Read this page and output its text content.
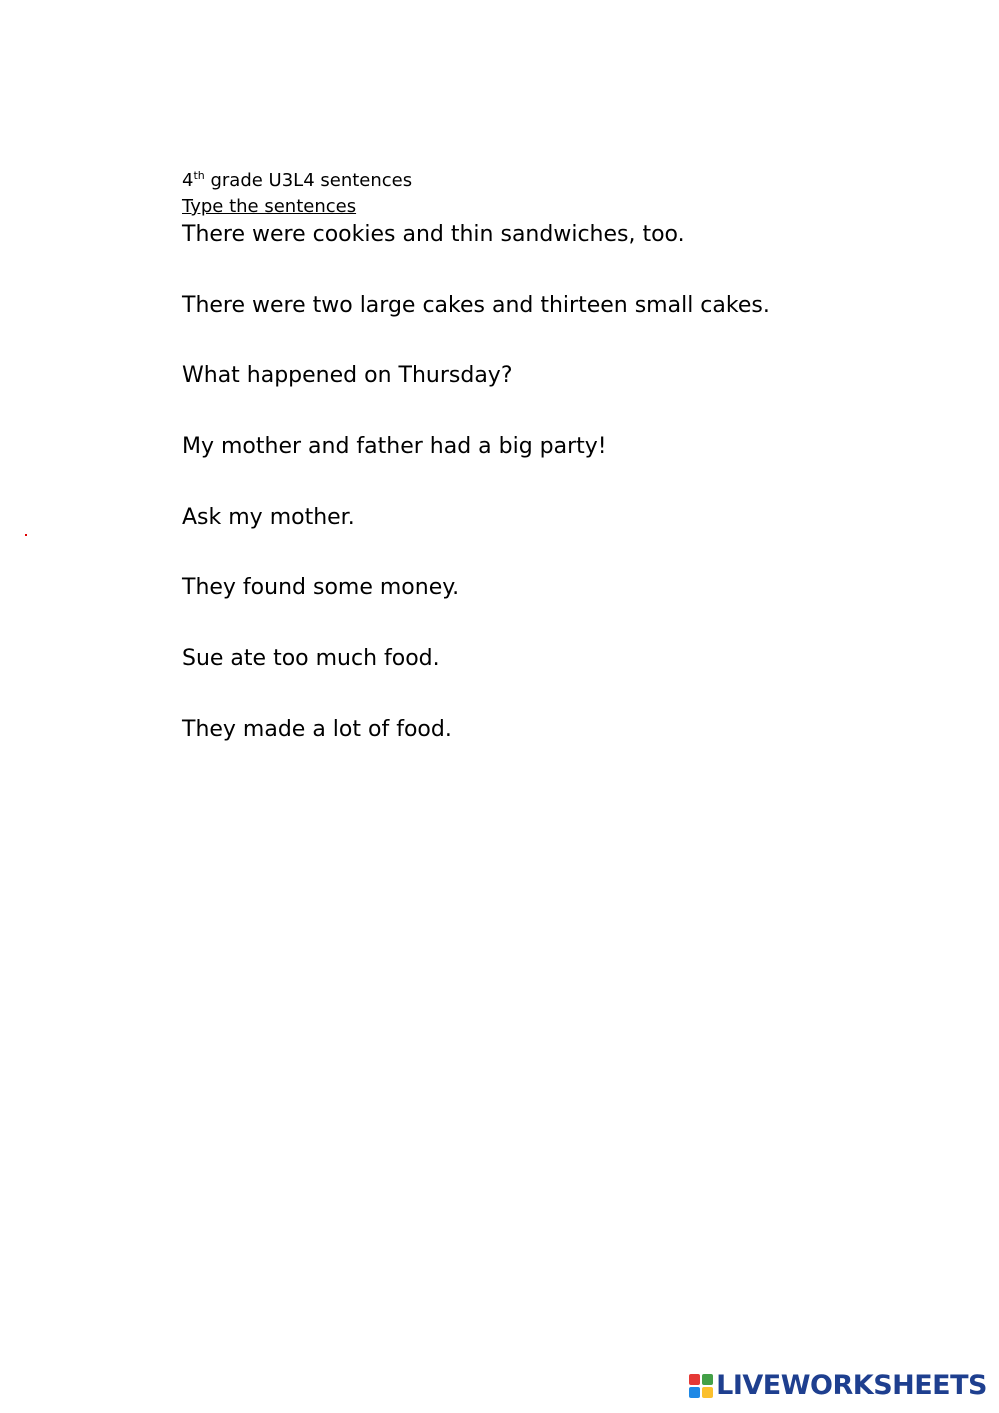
4th grade U3L4 sentences
Type the sentences
There were cookies and thin sandwiches, too.
There were two large cakes and thirteen small cakes.
What happened on Thursday?
My mother and father had a big party!
Ask my mother.
They found some money.
Sue ate too much food.
They made a lot of food.
LIVEWORKSHEETS
